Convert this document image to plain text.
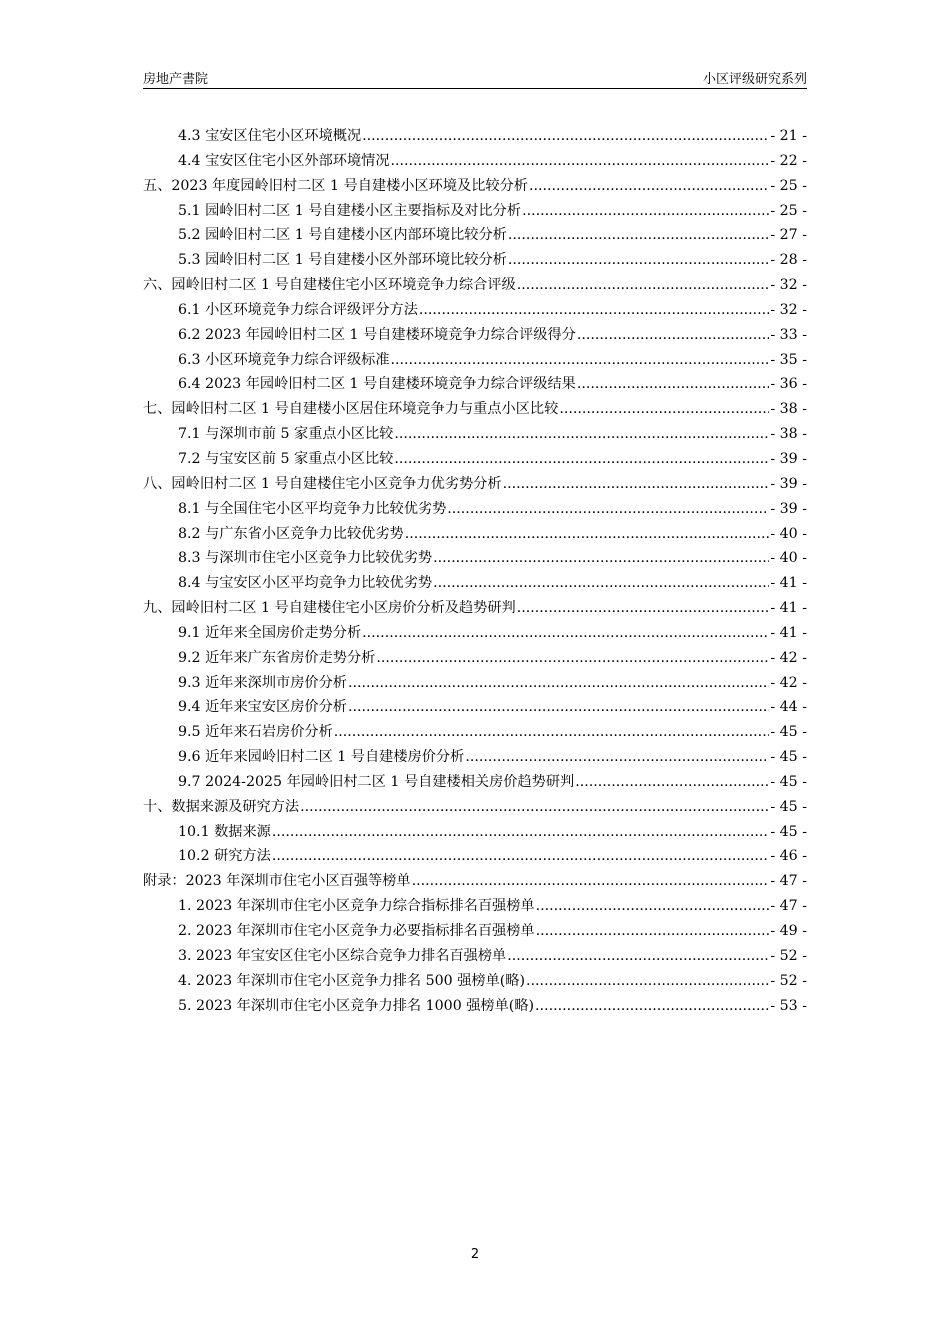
房地产書院	小区评级研究系列
4.3 宝安区住宅小区环境概况 .....	- 21 -
4.4 宝安区住宅小区外部环境情况 .....	- 22 -
五、2023 年度园岭旧村二区 1 号自建楼小区环境及比较分析 .....	- 25 -
5.1 园岭旧村二区 1 号自建楼小区主要指标及对比分析 .....	- 25 -
5.2 园岭旧村二区 1 号自建楼小区内部环境比较分析 .....	- 27 -
5.3 园岭旧村二区 1 号自建楼小区外部环境比较分析 .....	- 28 -
六、园岭旧村二区 1 号自建楼住宅小区环境竞争力综合评级 .....	- 32 -
6.1 小区环境竞争力综合评级评分方法 .....	- 32 -
6.2 2023 年园岭旧村二区 1 号自建楼环境竞争力综合评级得分 .....	- 33 -
6.3 小区环境竞争力综合评级标准 .....	- 35 -
6.4 2023 年园岭旧村二区 1 号自建楼环境竞争力综合评级结果 .....	- 36 -
七、园岭旧村二区 1 号自建楼小区居住环境竞争力与重点小区比较 .....	- 38 -
7.1 与深圳市前 5 家重点小区比较 .....	- 38 -
7.2 与宝安区前 5 家重点小区比较 .....	- 39 -
八、园岭旧村二区 1 号自建楼住宅小区竞争力优劣势分析 .....	- 39 -
8.1 与全国住宅小区平均竞争力比较优劣势 .....	- 39 -
8.2 与广东省小区竞争力比较优劣势 .....	- 40 -
8.3 与深圳市住宅小区竞争力比较优劣势 .....	- 40 -
8.4 与宝安区小区平均竞争力比较优劣势 .....	- 41 -
九、园岭旧村二区 1 号自建楼住宅小区房价分析及趋势研判 .....	- 41 -
9.1 近年来全国房价走势分析 .....	- 41 -
9.2 近年来广东省房价走势分析 .....	- 42 -
9.3 近年来深圳市房价分析 .....	- 42 -
9.4 近年来宝安区房价分析 .....	- 44 -
9.5 近年来石岩房价分析 .....	- 45 -
9.6 近年来园岭旧村二区 1 号自建楼房价分析 .....	- 45 -
9.7 2024-2025 年园岭旧村二区 1 号自建楼相关房价趋势研判 .....	- 45 -
十、数据来源及研究方法 .....	- 45 -
10.1 数据来源 .....	- 45 -
10.2 研究方法 .....	- 46 -
附录：2023 年深圳市住宅小区百强等榜单 .....	- 47 -
1. 2023 年深圳市住宅小区竞争力综合指标排名百强榜单 .....	- 47 -
2. 2023 年深圳市住宅小区竞争力必要指标排名百强榜单 .....	- 49 -
3. 2023 年宝安区住宅小区综合竞争力排名百强榜单 .....	- 52 -
4. 2023 年深圳市住宅小区竞争力排名 500 强榜单(略) .....	- 52 -
5. 2023 年深圳市住宅小区竞争力排名 1000 强榜单(略) .....	- 53 -
2
